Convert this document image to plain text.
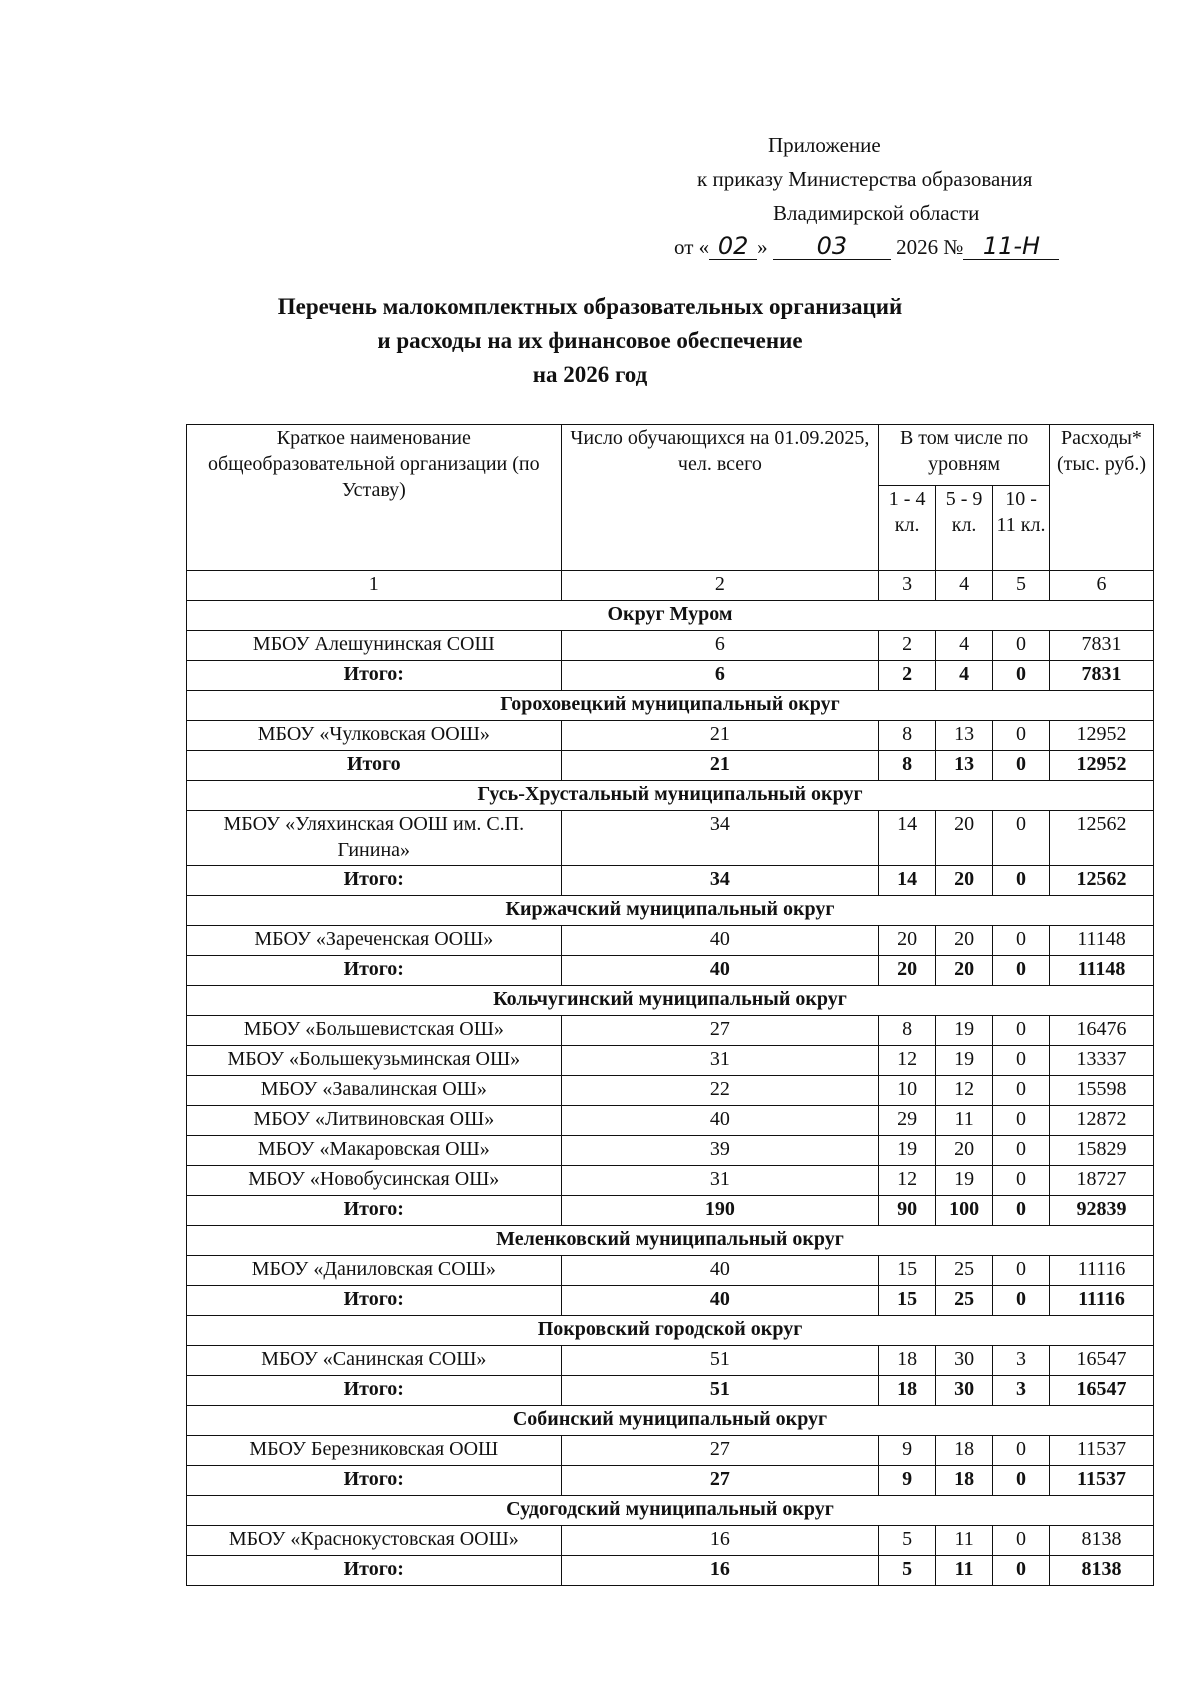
Приложение
к приказу Министерства образования
Владимирской области
от « 02 » 03 2026 № 11-Н
Перечень малокомплектных образовательных организаций
и расходы на их финансовое обеспечение
на 2026 год
Краткое наименование общеобразовательной организации (по Уставу)	Число обучающихся на 01.09.2025, чел. всего	В том числе по уровням			Расходы* (тыс. руб.)
		1 - 4 кл.	5 - 9 кл.	10 - 11 кл.	
1	2	3	4	5	6
Округ Муром					
МБОУ Алешунинская СОШ	6	2	4	0	7831
Итого:	6	2	4	0	7831
Гороховецкий муниципальный округ					
МБОУ «Чулковская ООШ»	21	8	13	0	12952
Итого	21	8	13	0	12952
Гусь-Хрустальный муниципальный округ					
МБОУ «Уляхинская ООШ им. С.П. Гинина»	34	14	20	0	12562
Итого:	34	14	20	0	12562
Киржачский муниципальный округ					
МБОУ «Зареченская ООШ»	40	20	20	0	11148
Итого:	40	20	20	0	11148
Кольчугинский муниципальный округ					
МБОУ «Большевистская ОШ»	27	8	19	0	16476
МБОУ «Большекузьминская ОШ»	31	12	19	0	13337
МБОУ «Завалинская ОШ»	22	10	12	0	15598
МБОУ «Литвиновская ОШ»	40	29	11	0	12872
МБОУ «Макаровская ОШ»	39	19	20	0	15829
МБОУ «Новобусинская ОШ»	31	12	19	0	18727
Итого:	190	90	100	0	92839
Меленковский муниципальный округ					
МБОУ «Даниловская СОШ»	40	15	25	0	11116
Итого:	40	15	25	0	11116
Покровский городской округ					
МБОУ «Санинская СОШ»	51	18	30	3	16547
Итого:	51	18	30	3	16547
Собинский муниципальный округ					
МБОУ Березниковская ООШ	27	9	18	0	11537
Итого:	27	9	18	0	11537
Судогодский муниципальный округ					
МБОУ «Краснокустовская ООШ»	16	5	11	0	8138
Итого:	16	5	11	0	8138
